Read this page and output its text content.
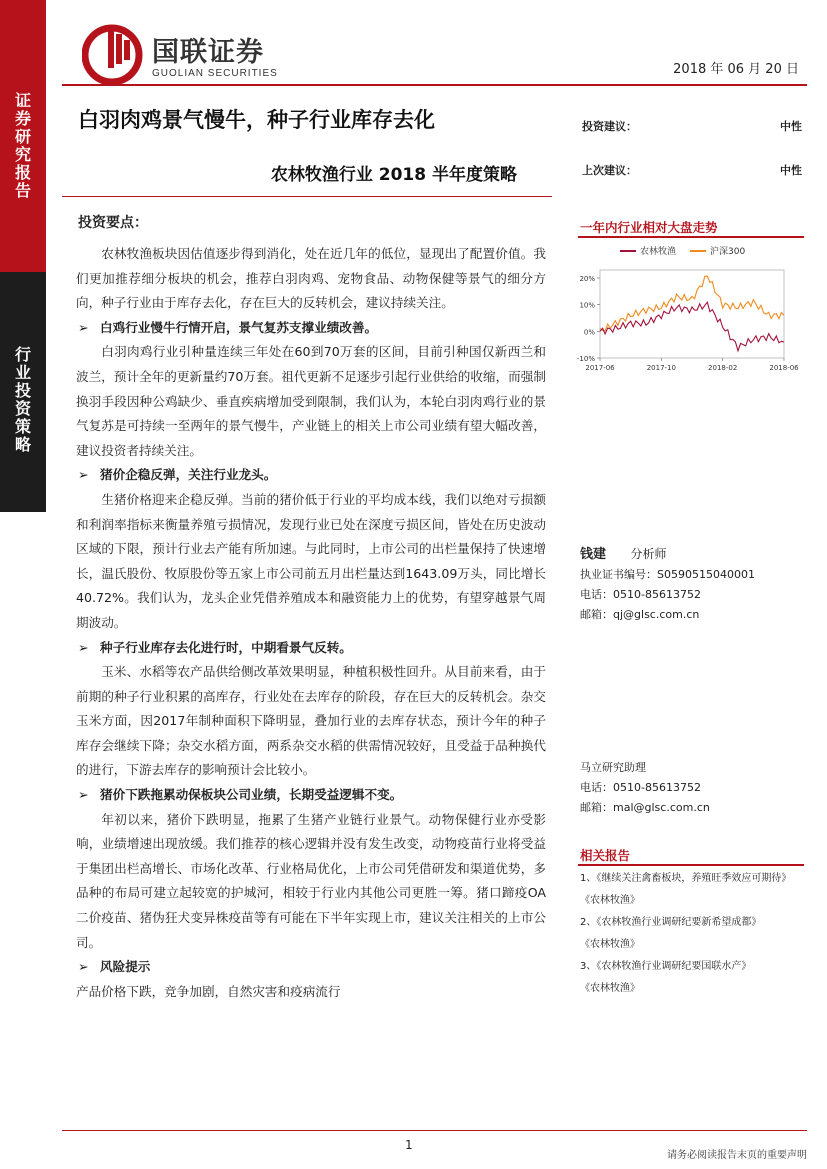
证
券
研
究
报
告
行
业
投
资
策
略
国联证券
GUOLIAN SECURITIES	2018 年 06 月 20 日
白羽肉鸡景气慢牛，种子行业库存去化
农林牧渔行业 2018 半年度策略
投资建议：	中性
上次建议：	中性
投资要点：

农林牧渔板块因估值逐步得到消化，处在近几年的低位，显现出了配置价值。我们更加推荐细分板块的机会，推荐白羽肉鸡、宠物食品、动物保健等景气的细分方向，种子行业由于库存去化，存在巨大的反转机会，建议持续关注。

➢ 白鸡行业慢牛行情开启，景气复苏支撑业绩改善。

白羽肉鸡行业引种量连续三年处在60到70万套的区间，目前引种国仅新西兰和波兰，预计全年的更新量约70万套。祖代更新不足逐步引起行业供给的收缩，而强制换羽手段因种公鸡缺少、垂直疾病增加受到限制，我们认为，本轮白羽肉鸡行业的景气复苏是可持续一至两年的景气慢牛，产业链上的相关上市公司业绩有望大幅改善，建议投资者持续关注。

➢ 猪价企稳反弹，关注行业龙头。

生猪价格迎来企稳反弹。当前的猪价低于行业的平均成本线，我们以绝对亏损额和利润率指标来衡量养殖亏损情况，发现行业已处在深度亏损区间，皆处在历史波动区域的下限，预计行业去产能有所加速。与此同时，上市公司的出栏量保持了快速增长，温氏股份、牧原股份等五家上市公司前五月出栏量达到1643.09万头，同比增长40.72%。我们认为，龙头企业凭借养殖成本和融资能力上的优势，有望穿越景气周期波动。

➢ 种子行业库存去化进行时，中期看景气反转。

玉米、水稻等农产品供给侧改革效果明显，种植积极性回升。从目前来看，由于前期的种子行业积累的高库存，行业处在去库存的阶段，存在巨大的反转机会。杂交玉米方面，因2017年制种面积下降明显，叠加行业的去库存状态，预计今年的种子库存会继续下降；杂交水稻方面，两系杂交水稻的供需情况较好，且受益于品种换代的进行，下游去库存的影响预计会比较小。

➢ 猪价下跌拖累动保板块公司业绩，长期受益逻辑不变。

年初以来，猪价下跌明显，拖累了生猪产业链行业景气。动物保健行业亦受影响，业绩增速出现放缓。我们推荐的核心逻辑并没有发生改变，动物疫苗行业将受益于集团出栏高增长、市场化改革、行业格局优化，上市公司凭借研发和渠道优势，多品种的布局可建立起较宽的护城河，相较于行业内其他公司更胜一筹。猪口蹄疫OA二价疫苗、猪伪狂犬变异株疫苗等有可能在下半年实现上市，建议关注相关的上市公司。

➢ 风险提示

产品价格下跌，竞争加剧，自然灾害和疫病流行

一年内行业相对大盘走势
农林牧渔	沪深300
20%
10%
0%
-10%
2017-06	2017-10	2018-02	2018-06
钱建 分析师
执业证书编号：S0590515040001
电话：0510-85613752
邮箱：qj@glsc.com.cn
马立研究助理
电话：0510-85613752
邮箱：mal@glsc.com.cn
相关报告
1、《继续关注禽畜板块，养殖旺季效应可期待》
《农林牧渔》
2、《农林牧渔行业调研纪要新希望成都》
《农林牧渔》
3、《农林牧渔行业调研纪要国联水产》
《农林牧渔》
1
请务必阅读报告末页的重要声明
